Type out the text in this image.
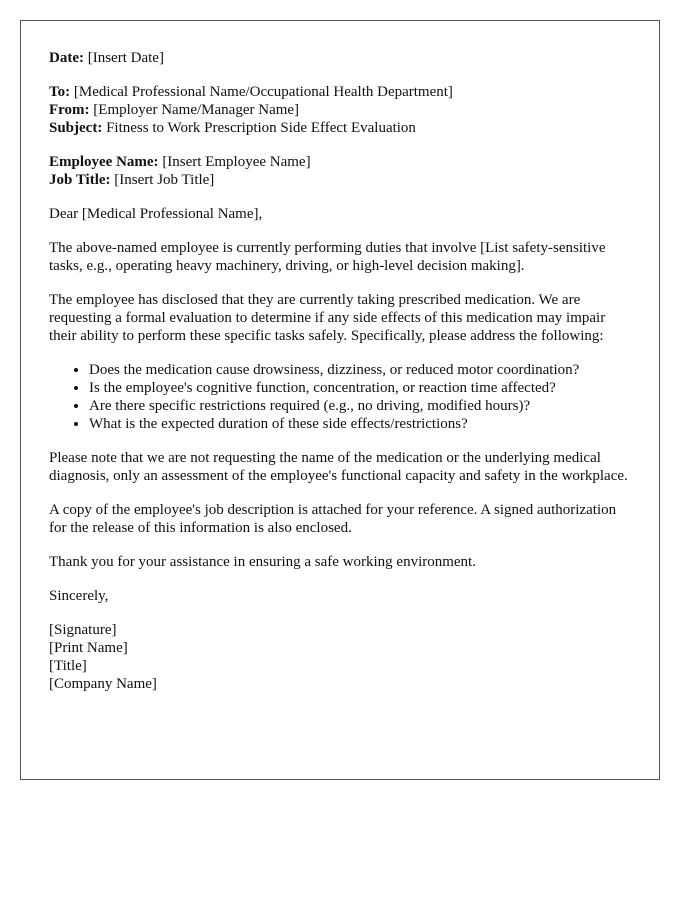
Date: [Insert Date]

To: [Medical Professional Name/Occupational Health Department]

From: [Employer Name/Manager Name]

Subject: Fitness to Work Prescription Side Effect Evaluation

Employee Name: [Insert Employee Name]

Job Title: [Insert Job Title]

Dear [Medical Professional Name],

The above-named employee is currently performing duties that involve [List safety-sensitive tasks, e.g., operating heavy machinery, driving, or high-level decision making].

The employee has disclosed that they are currently taking prescribed medication. We are requesting a formal evaluation to determine if any side effects of this medication may impair their ability to perform these specific tasks safely. Specifically, please address the following:

• Does the medication cause drowsiness, dizziness, or reduced motor coordination?
• Is the employee's cognitive function, concentration, or reaction time affected?
• Are there specific restrictions required (e.g., no driving, modified hours)?
• What is the expected duration of these side effects/restrictions?

Please note that we are not requesting the name of the medication or the underlying medical diagnosis, only an assessment of the employee's functional capacity and safety in the workplace.

A copy of the employee's job description is attached for your reference. A signed authorization for the release of this information is also enclosed.

Thank you for your assistance in ensuring a safe working environment.

Sincerely,

[Signature]

[Print Name]

[Title]

[Company Name]
